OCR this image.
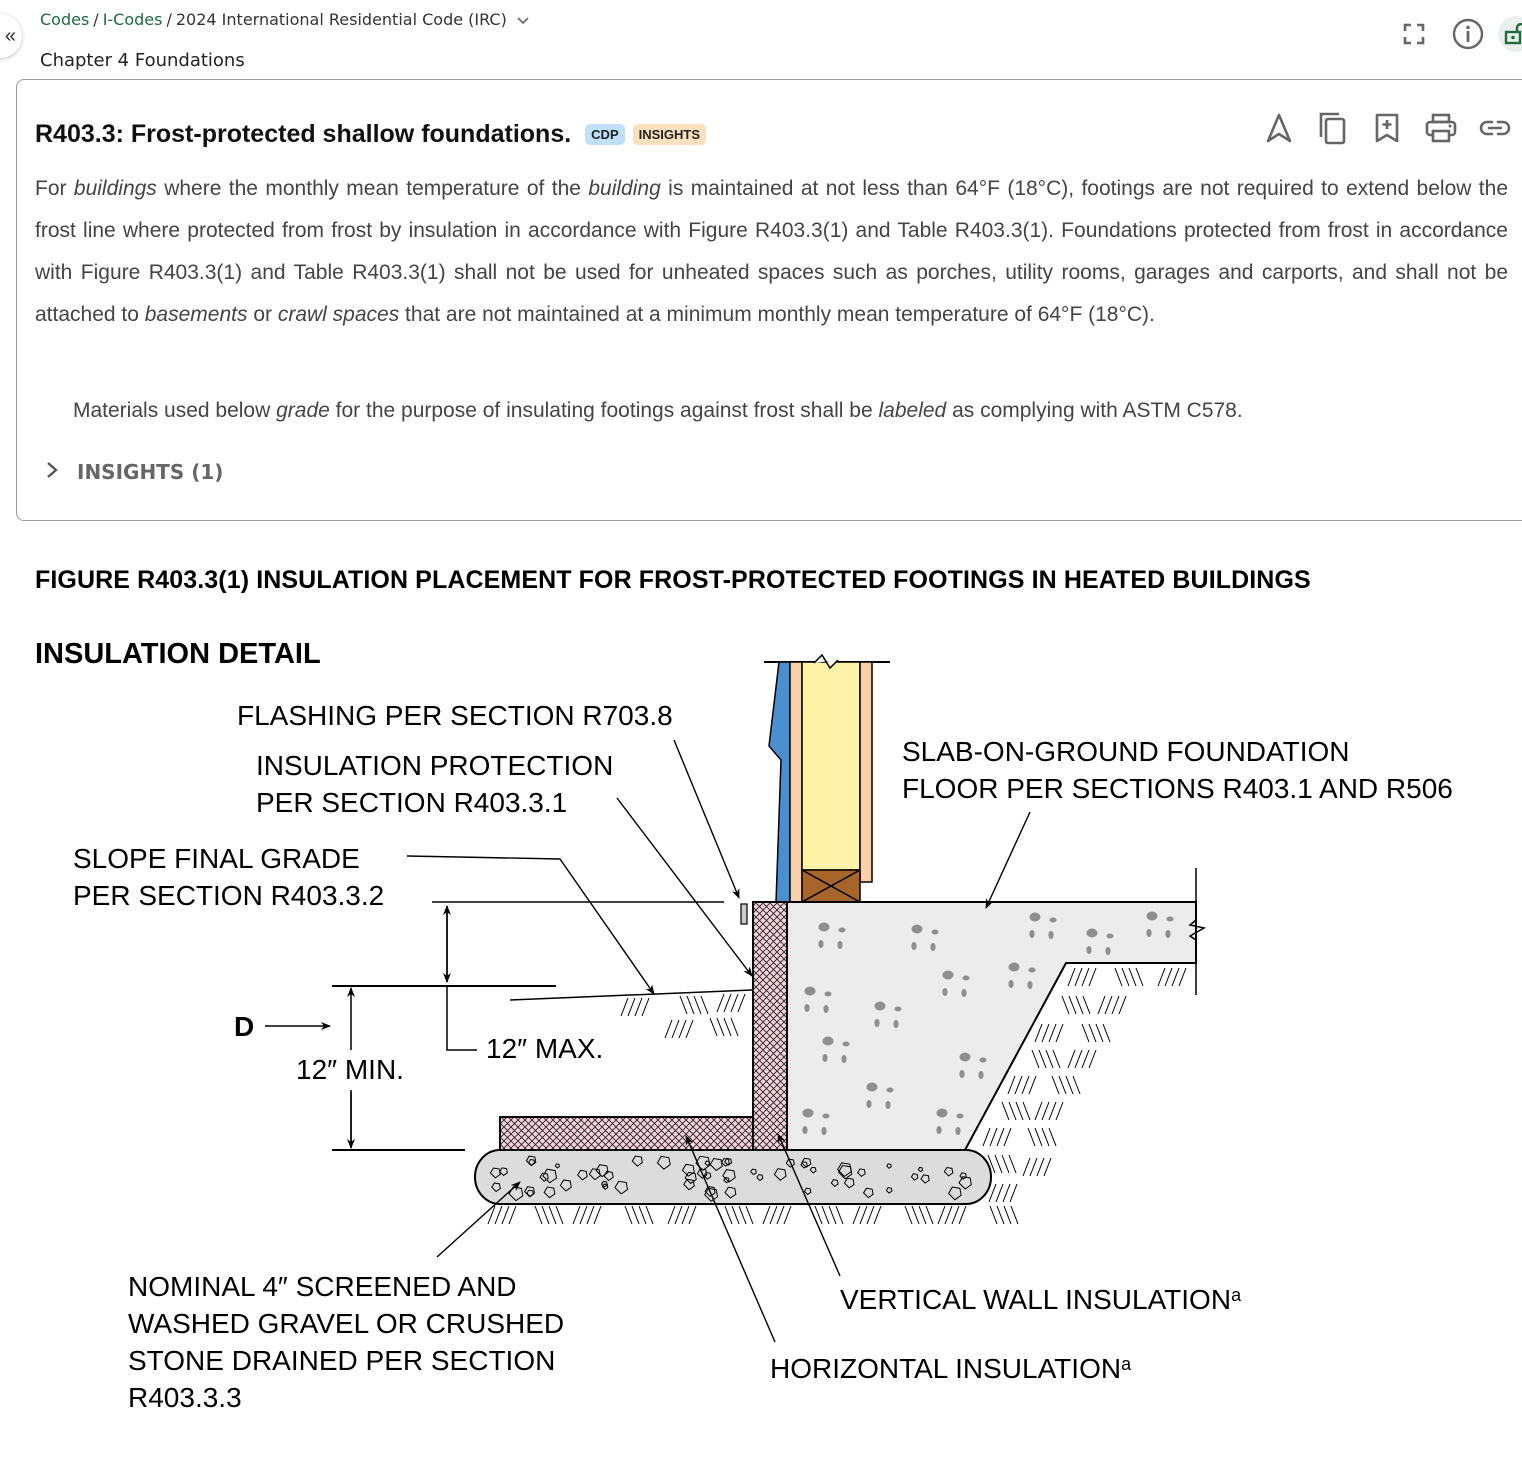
«
Codes / I-Codes / 2024 International Residential Code (IRC)
Chapter 4 Foundations
R403.3: Frost-protected shallow foundations.	CDP	INSIGHTS
For buildings where the monthly mean temperature of the building is maintained at not less than 64°F (18°C), footings are not required to extend below the frost line where protected from frost by insulation in accordance with Figure R403.3(1) and Table R403.3(1). Foundations protected from frost in accordance with Figure R403.3(1) and Table R403.3(1) shall not be used for unheated spaces such as porches, utility rooms, garages and carports, and shall not be attached to basements or crawl spaces that are not maintained at a minimum monthly mean temperature of 64°F (18°C).
Materials used below grade for the purpose of insulating footings against frost shall be labeled as complying with ASTM C578.
INSIGHTS (1)
FIGURE R403.3(1) INSULATION PLACEMENT FOR FROST-PROTECTED FOOTINGS IN HEATED BUILDINGS
INSULATION DETAIL
FLASHING PER SECTION R703.8
INSULATION PROTECTION
PER SECTION R403.3.1
SLOPE FINAL GRADE
PER SECTION R403.3.2
SLAB-ON-GROUND FOUNDATION
FLOOR PER SECTIONS R403.1 AND R506
D
12″ MAX.
12″ MIN.
NOMINAL 4″ SCREENED AND
WASHED GRAVEL OR CRUSHED
STONE DRAINED PER SECTION
R403.3.3
VERTICAL WALL INSULATION$^a$
HORIZONTAL INSULATION$^a$
